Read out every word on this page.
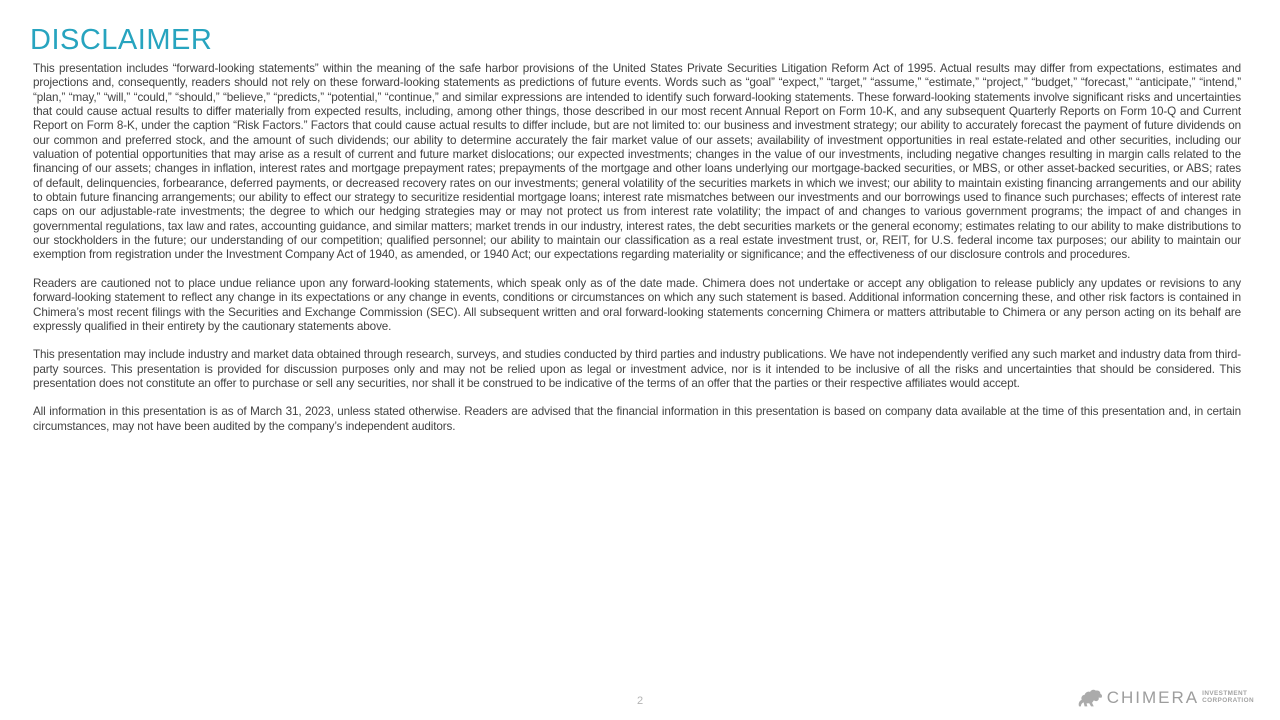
DISCLAIMER

This presentation includes “forward-looking statements” within the meaning of the safe harbor provisions of the United States Private Securities Litigation Reform Act of 1995. Actual results may differ from expectations, estimates and projections and, consequently, readers should not rely on these forward-looking statements as predictions of future events. Words such as “goal” “expect,” “target,” “assume,” “estimate,” “project,” “budget,” “forecast,” “anticipate,” “intend,” “plan,” “may,” “will,” “could,” “should,” “believe,” “predicts,” “potential,” “continue,” and similar expressions are intended to identify such forward-looking statements. These forward-looking statements involve significant risks and uncertainties that could cause actual results to differ materially from expected results, including, among other things, those described in our most recent Annual Report on Form 10-K, and any subsequent Quarterly Reports on Form 10-Q and Current Report on Form 8-K, under the caption “Risk Factors.” Factors that could cause actual results to differ include, but are not limited to: our business and investment strategy; our ability to accurately forecast the payment of future dividends on our common and preferred stock, and the amount of such dividends; our ability to determine accurately the fair market value of our assets; availability of investment opportunities in real estate-related and other securities, including our valuation of potential opportunities that may arise as a result of current and future market dislocations; our expected investments; changes in the value of our investments, including negative changes resulting in margin calls related to the financing of our assets; changes in inflation, interest rates and mortgage prepayment rates; prepayments of the mortgage and other loans underlying our mortgage-backed securities, or MBS, or other asset-backed securities, or ABS; rates of default, delinquencies, forbearance, deferred payments, or decreased recovery rates on our investments; general volatility of the securities markets in which we invest; our ability to maintain existing financing arrangements and our ability to obtain future financing arrangements; our ability to effect our strategy to securitize residential mortgage loans; interest rate mismatches between our investments and our borrowings used to finance such purchases; effects of interest rate caps on our adjustable-rate investments; the degree to which our hedging strategies may or may not protect us from interest rate volatility; the impact of and changes to various government programs; the impact of and changes in governmental regulations, tax law and rates, accounting guidance, and similar matters; market trends in our industry, interest rates, the debt securities markets or the general economy; estimates relating to our ability to make distributions to our stockholders in the future; our understanding of our competition; qualified personnel; our ability to maintain our classification as a real estate investment trust, or, REIT, for U.S. federal income tax purposes; our ability to maintain our exemption from registration under the Investment Company Act of 1940, as amended, or 1940 Act; our expectations regarding materiality or significance; and the effectiveness of our disclosure controls and procedures.

Readers are cautioned not to place undue reliance upon any forward-looking statements, which speak only as of the date made. Chimera does not undertake or accept any obligation to release publicly any updates or revisions to any forward-looking statement to reflect any change in its expectations or any change in events, conditions or circumstances on which any such statement is based. Additional information concerning these, and other risk factors is contained in Chimera’s most recent filings with the Securities and Exchange Commission (SEC). All subsequent written and oral forward-looking statements concerning Chimera or matters attributable to Chimera or any person acting on its behalf are expressly qualified in their entirety by the cautionary statements above.

This presentation may include industry and market data obtained through research, surveys, and studies conducted by third parties and industry publications. We have not independently verified any such market and industry data from third-party sources. This presentation is provided for discussion purposes only and may not be relied upon as legal or investment advice, nor is it intended to be inclusive of all the risks and uncertainties that should be considered. This presentation does not constitute an offer to purchase or sell any securities, nor shall it be construed to be indicative of the terms of an offer that the parties or their respective affiliates would accept.

All information in this presentation is as of March 31, 2023, unless stated otherwise. Readers are advised that the financial information in this presentation is based on company data available at the time of this presentation and, in certain circumstances, may not have been audited by the company’s independent auditors.

2	CHIMERA INVESTMENT
CORPORATION
